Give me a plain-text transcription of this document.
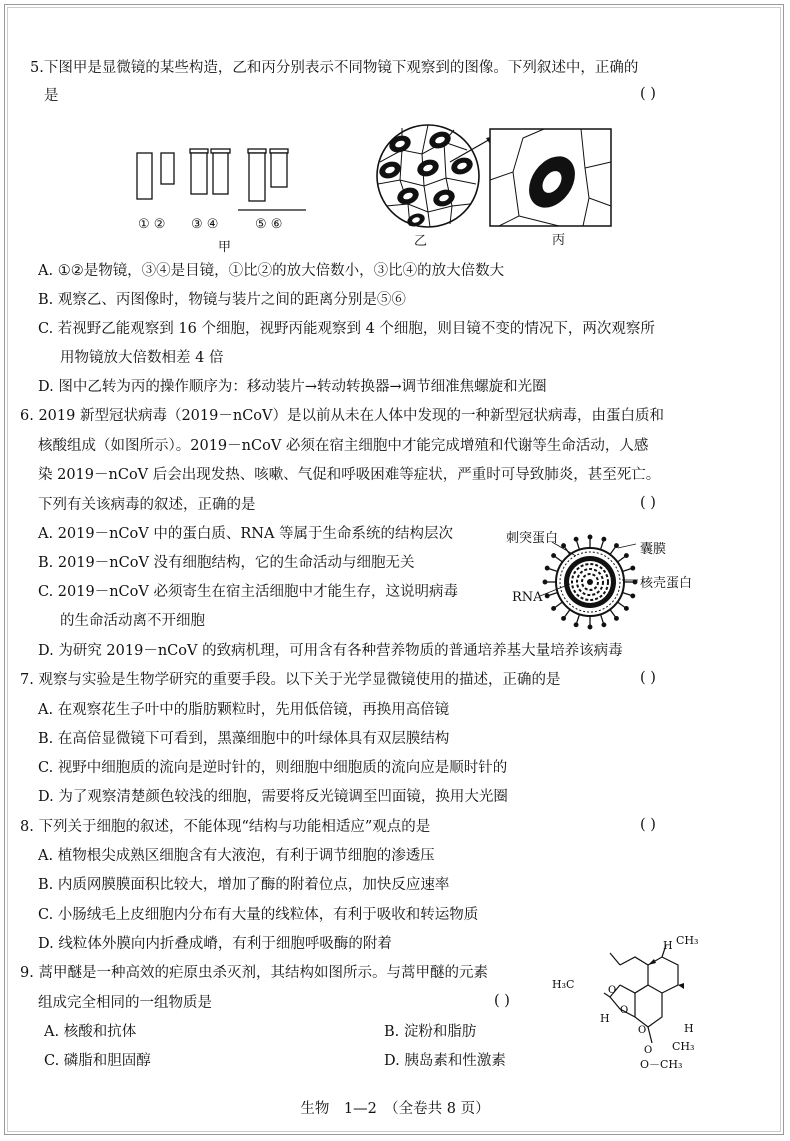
5.下图甲是显微镜的某些构造，乙和丙分别表示不同物镜下观察到的图像。下列叙述中，正确的
是	( )
① ② ③ ④	⑤ ⑥
甲	乙	丙
A. ①②是物镜，③④是目镜，①比②的放大倍数小，③比④的放大倍数大
B. 观察乙、丙图像时，物镜与装片之间的距离分别是⑤⑥
C. 若视野乙能观察到 16 个细胞，视野丙能观察到 4 个细胞，则目镜不变的情况下，两次观察所
用物镜放大倍数相差 4 倍
D. 图中乙转为丙的操作顺序为：移动装片→转动转换器→调节细准焦螺旋和光圈
6. 2019 新型冠状病毒（2019－nCoV）是以前从未在人体中发现的一种新型冠状病毒，由蛋白质和
核酸组成（如图所示）。2019－nCoV 必须在宿主细胞中才能完成增殖和代谢等生命活动，人感
染 2019－nCoV 后会出现发热、咳嗽、气促和呼吸困难等症状，严重时可导致肺炎，甚至死亡。
下列有关该病毒的叙述，正确的是	( )
A. 2019－nCoV 中的蛋白质、RNA 等属于生命系统的结构层次
B. 2019－nCoV 没有细胞结构，它的生命活动与细胞无关
C. 2019－nCoV 必须寄生在宿主活细胞中才能生存，这说明病毒
的生命活动离不开细胞
D. 为研究 2019－nCoV 的致病机理，可用含有各种营养物质的普通培养基大量培养该病毒
刺突蛋白
囊膜
核壳蛋白
RNA
7. 观察与实验是生物学研究的重要手段。以下关于光学显微镜使用的描述，正确的是	( )
A. 在观察花生子叶中的脂肪颗粒时，先用低倍镜，再换用高倍镜
B. 在高倍显微镜下可看到，黑藻细胞中的叶绿体具有双层膜结构
C. 视野中细胞质的流向是逆时针的，则细胞中细胞质的流向应是顺时针的
D. 为了观察清楚颜色较浅的细胞，需要将反光镜调至凹面镜，换用大光圈
8. 下列关于细胞的叙述，不能体现“结构与功能相适应”观点的是	( )
A. 植物根尖成熟区细胞含有大液泡，有利于调节细胞的渗透压
B. 内质网膜膜面积比较大，增加了酶的附着位点，加快反应速率
C. 小肠绒毛上皮细胞内分布有大量的线粒体，有利于吸收和转运物质
D. 线粒体外膜向内折叠成嵴，有利于细胞呼吸酶的附着
9. 蒿甲醚是一种高效的疟原虫杀灭剂，其结构如图所示。与蒿甲醚的元素
组成完全相同的一组物质是	( )
A. 核酸和抗体	B. 淀粉和脂肪
C. 磷脂和胆固醇	D. 胰岛素和性激素
O
O
O
O
H CH₃
H₃C
H
H
CH₃
O－CH₃
生物　1—2　（全卷共 8 页）
